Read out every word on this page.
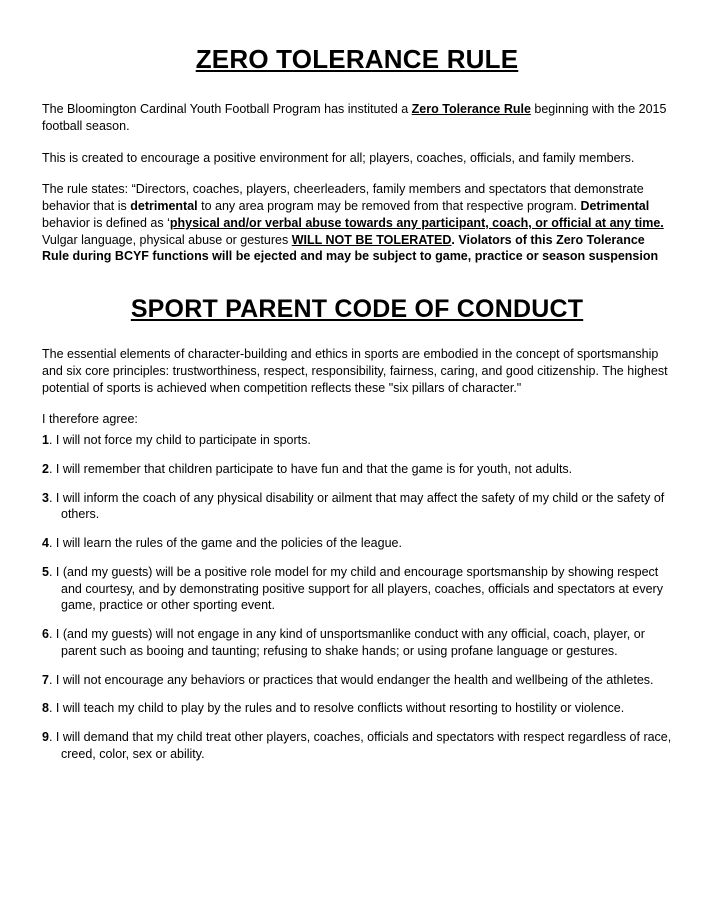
ZERO TOLERANCE RULE

The Bloomington Cardinal Youth Football Program has instituted a Zero Tolerance Rule beginning with the 2015 football season.

This is created to encourage a positive environment for all; players, coaches, officials, and family members.

The rule states: “Directors, coaches, players, cheerleaders, family members and spectators that demonstrate behavior that is detrimental to any area program may be removed from that respective program. Detrimental behavior is defined as ‘physical and/or verbal abuse towards any participant, coach, or official at any time. Vulgar language, physical abuse or gestures WILL NOT BE TOLERATED. Violators of this Zero Tolerance Rule during BCYF functions will be ejected and may be subject to game, practice or season suspension

SPORT PARENT CODE OF CONDUCT

The essential elements of character-building and ethics in sports are embodied in the concept of sportsmanship and six core principles: trustworthiness, respect, responsibility, fairness, caring, and good citizenship. The highest potential of sports is achieved when competition reflects these "six pillars of character."

I therefore agree:

1. I will not force my child to participate in sports.
2. I will remember that children participate to have fun and that the game is for youth, not adults.
3. I will inform the coach of any physical disability or ailment that may affect the safety of my child or the safety of others.
4. I will learn the rules of the game and the policies of the league.
5. I (and my guests) will be a positive role model for my child and encourage sportsmanship by showing respect and courtesy, and by demonstrating positive support for all players, coaches, officials and spectators at every game, practice or other sporting event.
6. I (and my guests) will not engage in any kind of unsportsmanlike conduct with any official, coach, player, or parent such as booing and taunting; refusing to shake hands; or using profane language or gestures.
7. I will not encourage any behaviors or practices that would endanger the health and wellbeing of the athletes.
8. I will teach my child to play by the rules and to resolve conflicts without resorting to hostility or violence.
9. I will demand that my child treat other players, coaches, officials and spectators with respect regardless of race, creed, color, sex or ability.
